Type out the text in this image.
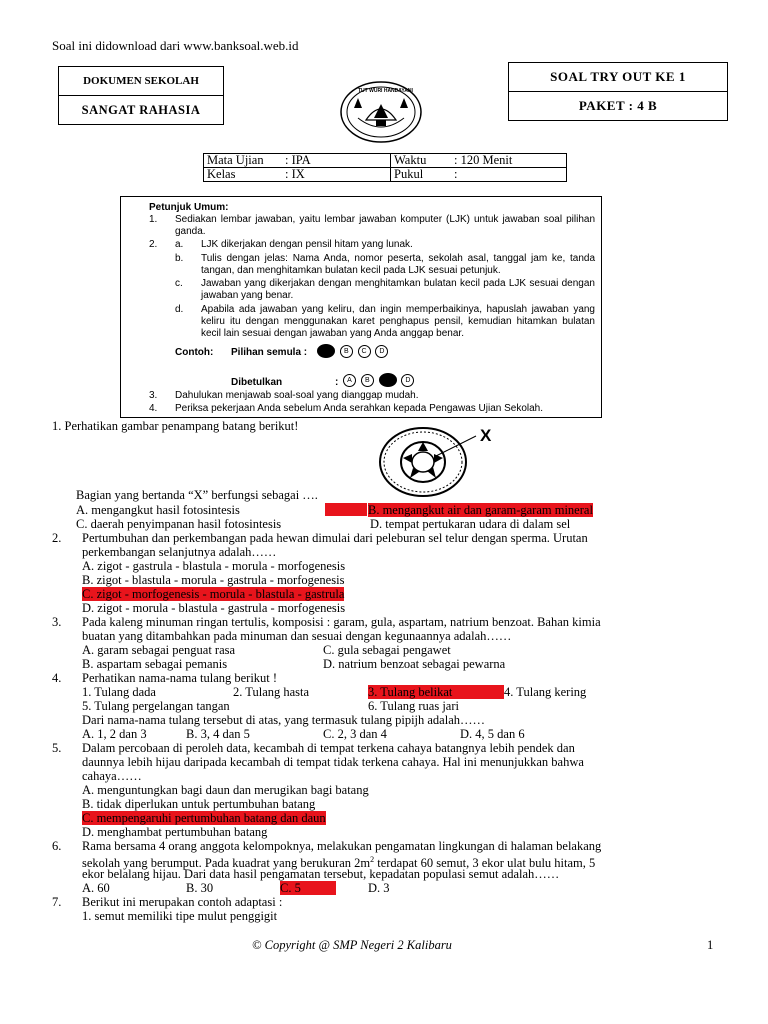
Soal ini didownload dari www.banksoal.web.id
DOKUMEN SEKOLAH
SANGAT RAHASIA
TUT WURI HANDAYANI
SOAL TRY OUT KE 1
PAKET : 4 B
Mata Ujian : IPA	Waktu : 120 Menit
Kelas : IX	Pukul :
Petunjuk Umum:
1. Sediakan lembar jawaban, yaitu lembar jawaban komputer (LJK) untuk jawaban soal pilihan ganda.
2. a. LJK dikerjakan dengan pensil hitam yang lunak.
b. Tulis dengan jelas: Nama Anda, nomor peserta, sekolah asal, tanggal jam ke, tanda tangan, dan menghitamkan bulatan kecil pada LJK sesuai petunjuk.
c. Jawaban yang dikerjakan dengan menghitamkan bulatan kecil pada LJK sesuai dengan jawaban yang benar.
d. Apabila ada jawaban yang keliru, dan ingin memperbaikinya, hapuslah jawaban yang keliru itu dengan menggunakan karet penghapus pensil, kemudian hitamkan bulatan kecil lain sesuai dengan jawaban yang Anda anggap benar.
Contoh: Pilihan semula :	B C D
Dibetulkan	:	A B	D
3. Dahulukan menjawab soal-soal yang dianggap mudah.
4. Periksa pekerjaan Anda sebelum Anda serahkan kepada Pengawas Ujian Sekolah.
1. Perhatikan gambar penampang batang berikut!	X
Bagian yang bertanda “X” berfungsi sebagai ….
A. mengangkut hasil fotosintesis	B. mengangkut air dan garam-garam mineral
C. daerah penyimpanan hasil fotosintesis	D. tempat pertukaran udara di dalam sel
2. Pertumbuhan dan perkembangan pada hewan dimulai dari peleburan sel telur dengan sperma. Urutan
perkembangan selanjutnya adalah……
A. zigot - gastrula - blastula - morula - morfogenesis
B. zigot - blastula - morula - gastrula - morfogenesis
C. zigot - morfogenesis - morula - blastula - gastrula
D. zigot - morula - blastula - gastrula - morfogenesis
3. Pada kaleng minuman ringan tertulis, komposisi : garam, gula, aspartam, natrium benzoat. Bahan kimia
buatan yang ditambahkan pada minuman dan sesuai dengan kegunaannya adalah……
A. garam sebagai penguat rasa	C. gula sebagai pengawet
B. aspartam sebagai pemanis	D. natrium benzoat sebagai pewarna
4. Perhatikan nama-nama tulang berikut !
1. Tulang dada	2. Tulang hasta	3. Tulang belikat	4. Tulang kering
5. Tulang pergelangan tangan	6. Tulang ruas jari
Dari nama-nama tulang tersebut di atas, yang termasuk tulang pipijh adalah……
A. 1, 2 dan 3	B. 3, 4 dan 5	C. 2, 3 dan 4	D. 4, 5 dan 6
5. Dalam percobaan di peroleh data, kecambah di tempat terkena cahaya batangnya lebih pendek dan
daunnya lebih hijau daripada kecambah di tempat tidak terkena cahaya. Hal ini menunjukkan bahwa
cahaya……
A. menguntungkan bagi daun dan merugikan bagi batang
B. tidak diperlukan untuk pertumbuhan batang
C. mempengaruhi pertumbuhan batang dan daun
D. menghambat pertumbuhan batang
6. Rama bersama 4 orang anggota kelompoknya, melakukan pengamatan lingkungan di halaman belakang
sekolah yang berumput. Pada kuadrat yang berukuran $2m^2$ terdapat 60 semut, 3 ekor ulat bulu hitam, 5
ekor belalang hijau. Dari data hasil pengamatan tersebut, kepadatan populasi semut adalah……
A. 60	B. 30	C. 5	D. 3
7. Berikut ini merupakan contoh adaptasi :
1. semut memiliki tipe mulut penggigit
© Copyright @ SMP Negeri 2 Kalibaru	1
